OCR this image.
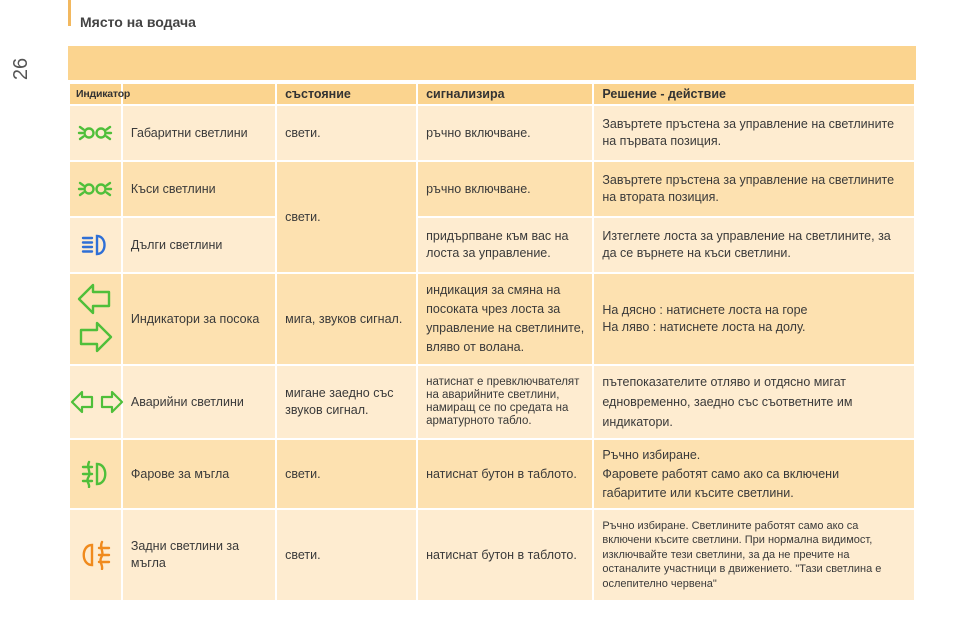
26
Място на водача
Индикатор		състояние	сигнализира	Решение - действие

	Габаритни светлини	свети.	ръчно включване.	Завъртете пръстена за управление на светлините на първата позиция.

	Къси светлини	свети.	ръчно включване.	Завъртете пръстена за управление на светлините на втората позиция.

	Дълги светлини		придърпване към вас на лоста за управление.	Изтеглете лоста за управление на светлините, за да се върнете на къси светлини.

	Индикатори за посока	мига, звуков сигнал.	индикация за смяна на посоката чрез лоста за управление на светлините, вляво от волана.	На дясно : натиснете лоста на горе
На ляво : натиснете лоста на долу.

	Аварийни светлини	мигане заедно със звуков сигнал.	натиснат е превключвателят на аварийните светлини, намиращ се по средата на арматурното табло.	пътепоказателите отляво и отдясно мигат едновременно, заедно със съответните им индикатори.

	Фарове за мъгла	свети.	натиснат бутон в таблото.	Ръчно избиране.
Фаровете работят само ако са включени габаритите или късите светлини.

	Задни светлини за мъгла	свети.	натиснат бутон в таблото.	Ръчно избиране. Светлините работят само ако са включени късите светлини. При нормална видимост, изключвайте тези светлини, за да не пречите на останалите участници в движението. "Тази светлина е ослепително червена"
